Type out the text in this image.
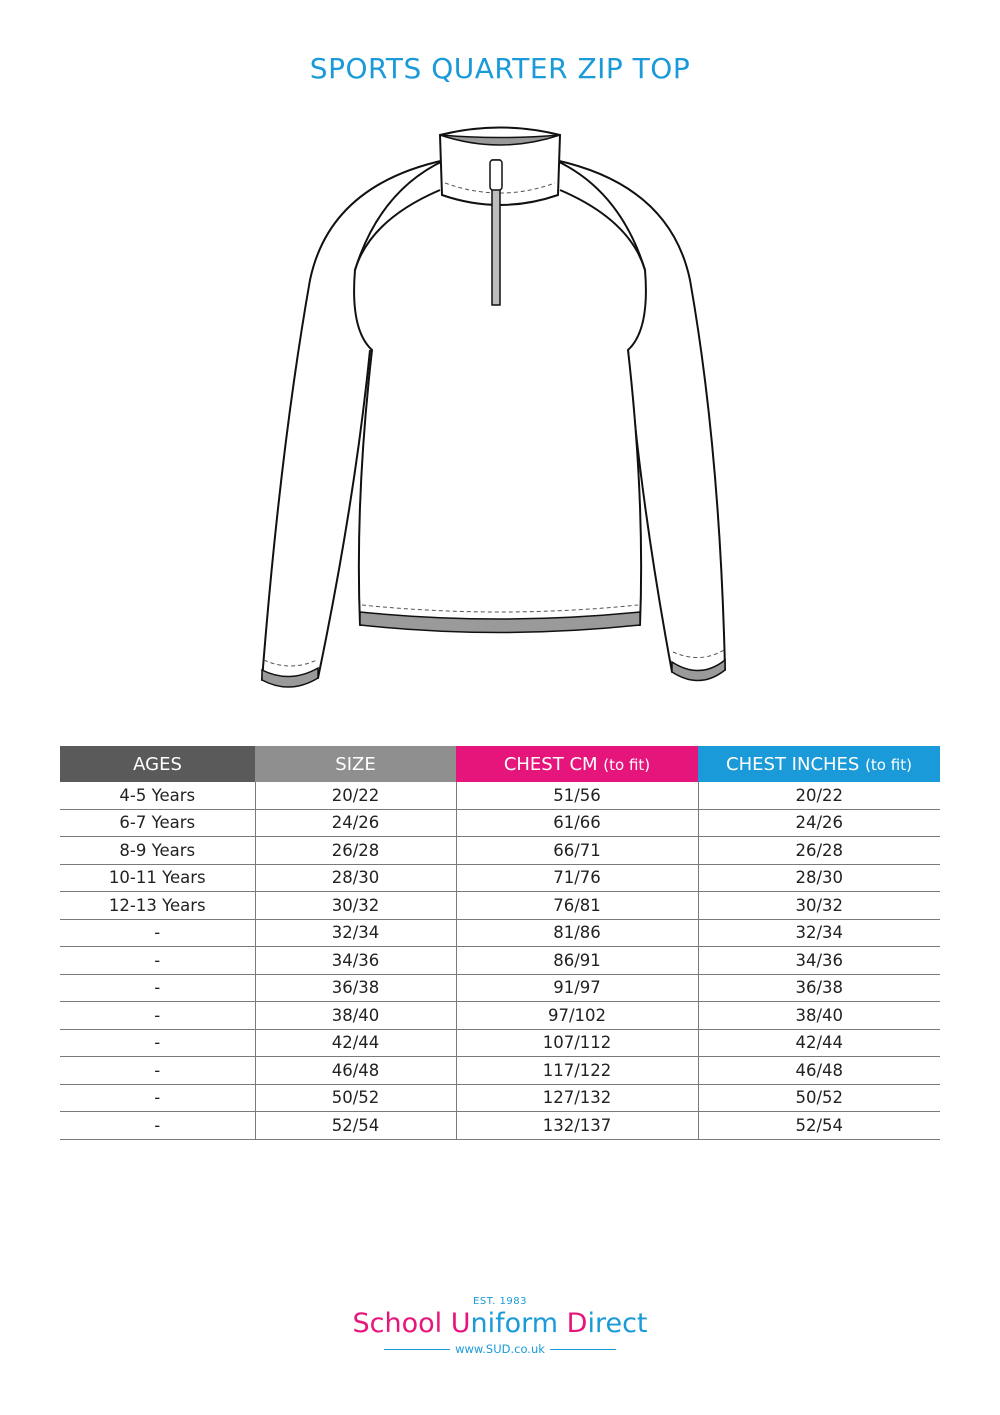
SPORTS QUARTER ZIP TOP
AGES	SIZE	CHEST CM (to fit)	CHEST INCHES (to fit)
4-5 Years	20/22	51/56	20/22
6-7 Years	24/26	61/66	24/26
8-9 Years	26/28	66/71	26/28
10-11 Years	28/30	71/76	28/30
12-13 Years	30/32	76/81	30/32
-	32/34	81/86	32/34
-	34/36	86/91	34/36
-	36/38	91/97	36/38
-	38/40	97/102	38/40
-	42/44	107/112	42/44
-	46/48	117/122	46/48
-	50/52	127/132	50/52
-	52/54	132/137	52/54
EST. 1983
School Uniform Direct
www.SUD.co.uk
